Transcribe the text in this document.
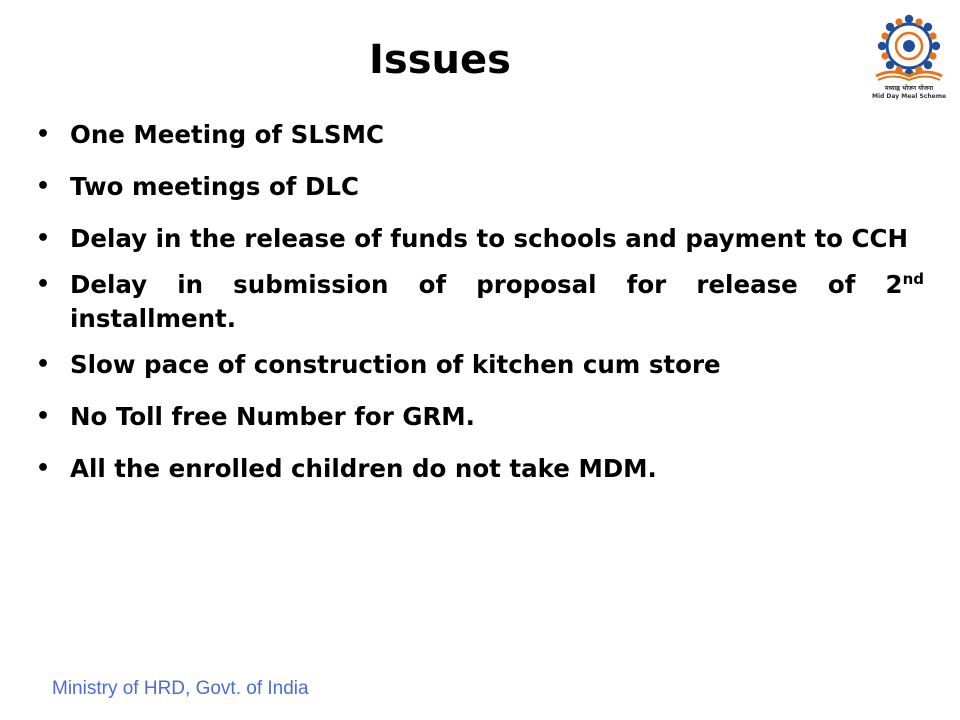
Issues
मध्याह्न भोजन योजना
Mid Day Meal Scheme
• One Meeting of SLSMC
• Two meetings of DLC
• Delay in the release of funds to schools and payment to CCH
• Delay in submission of proposal for release of 2nd installment.
• Slow pace of construction of kitchen cum store
• No Toll free Number for GRM.
• All the enrolled children do not take MDM.
Ministry of HRD, Govt. of India
